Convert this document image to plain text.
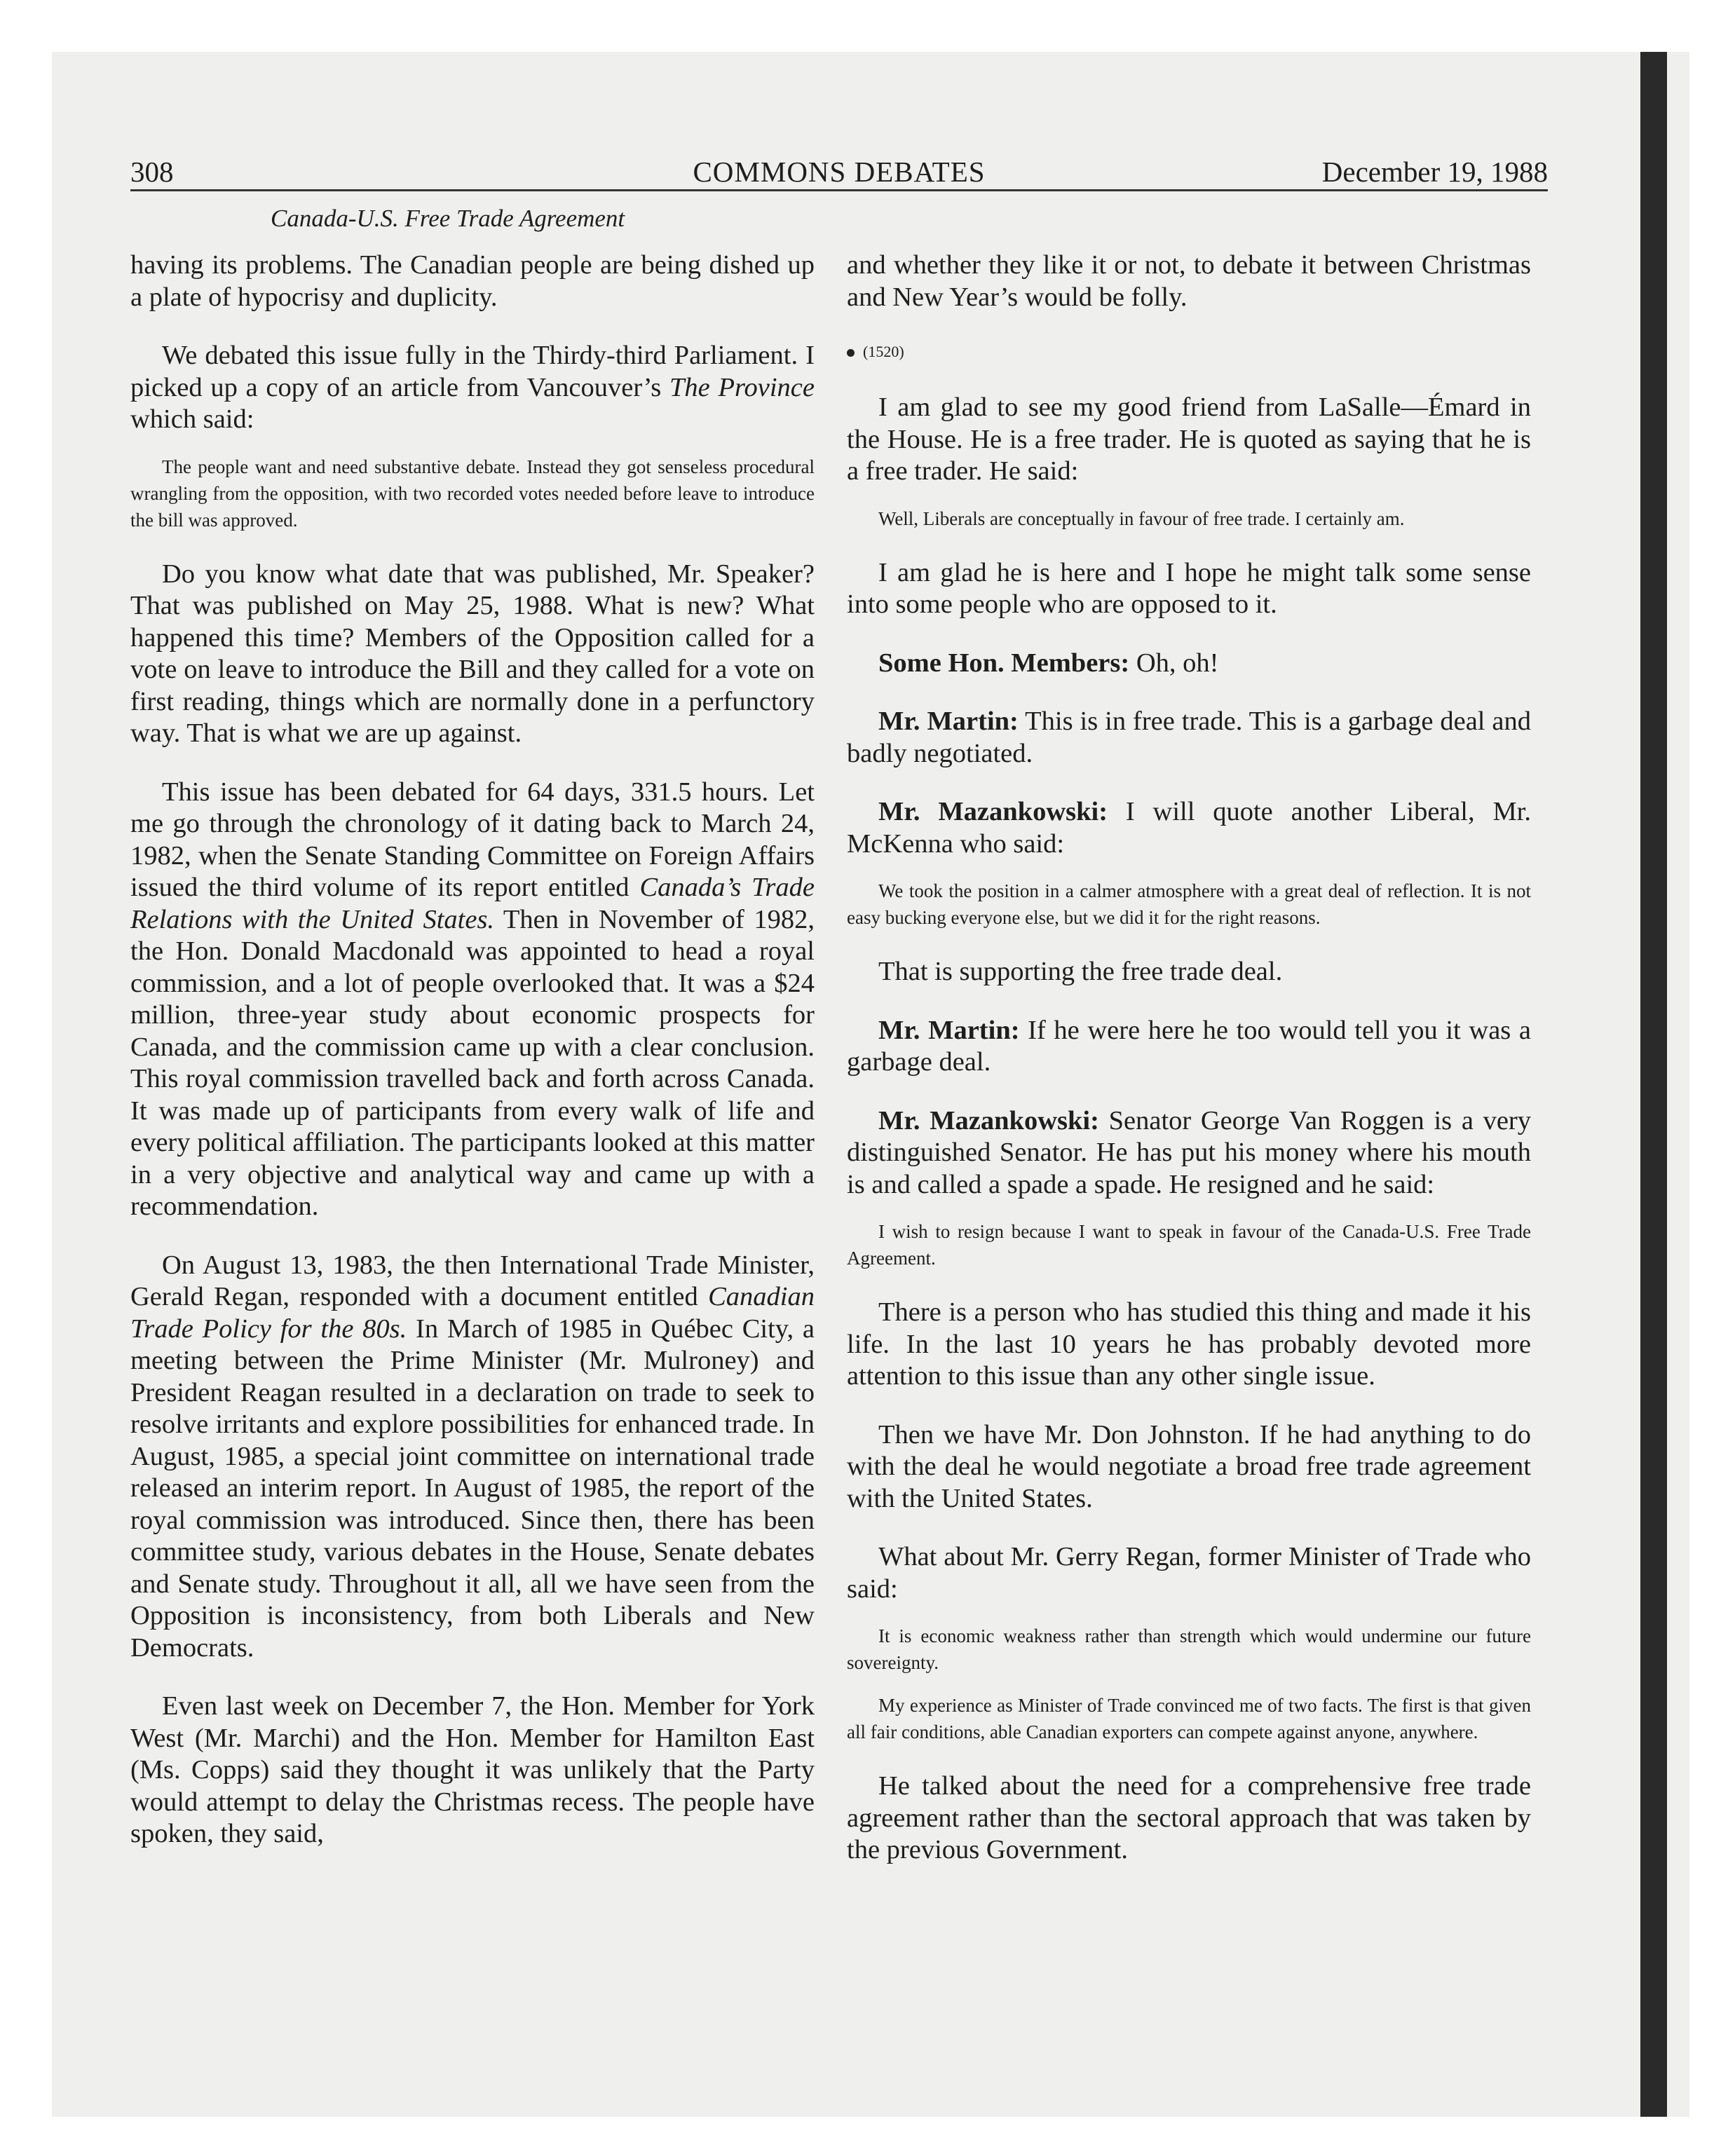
308	COMMONS DEBATES	December 19, 1988
Canada-U.S. Free Trade Agreement

having its problems. The Canadian people are being dished up a plate of hypocrisy and duplicity.

We debated this issue fully in the Thirdy-third Parliament. I picked up a copy of an article from Vancouver’s The Province which said:

The people want and need substantive debate. Instead they got senseless procedural wrangling from the opposition, with two recorded votes needed before leave to introduce the bill was approved.

Do you know what date that was published, Mr. Speaker? That was published on May 25, 1988. What is new? What happened this time? Members of the Opposition called for a vote on leave to introduce the Bill and they called for a vote on first reading, things which are normally done in a perfunctory way. That is what we are up against.

This issue has been debated for 64 days, 331.5 hours. Let me go through the chronology of it dating back to March 24, 1982, when the Senate Standing Committee on Foreign Affairs issued the third volume of its report entitled Canada’s Trade Relations with the United States. Then in November of 1982, the Hon. Donald Macdonald was appointed to head a royal commission, and a lot of people overlooked that. It was a $24 million, three-year study about economic prospects for Canada, and the commission came up with a clear conclusion. This royal commission travelled back and forth across Canada. It was made up of participants from every walk of life and every political affiliation. The participants looked at this matter in a very objective and analytical way and came up with a recommendation.

On August 13, 1983, the then International Trade Minister, Gerald Regan, responded with a document entitled Canadian Trade Policy for the 80s. In March of 1985 in Québec City, a meeting between the Prime Minister (Mr. Mulroney) and President Reagan resulted in a declaration on trade to seek to resolve irritants and explore possibilities for enhanced trade. In August, 1985, a special joint committee on international trade released an interim report. In August of 1985, the report of the royal commission was introduced. Since then, there has been committee study, various debates in the House, Senate debates and Senate study. Throughout it all, all we have seen from the Opposition is inconsistency, from both Liberals and New Democrats.

Even last week on December 7, the Hon. Member for York West (Mr. Marchi) and the Hon. Member for Hamilton East (Ms. Copps) said they thought it was unlikely that the Party would attempt to delay the Christmas recess. The people have spoken, they said,

and whether they like it or not, to debate it between Christmas and New Year’s would be folly.

(1520)

I am glad to see my good friend from LaSalle—Émard in the House. He is a free trader. He is quoted as saying that he is a free trader. He said:

Well, Liberals are conceptually in favour of free trade. I certainly am.

I am glad he is here and I hope he might talk some sense into some people who are opposed to it.

Some Hon. Members: Oh, oh!

Mr. Martin: This is in free trade. This is a garbage deal and badly negotiated.

Mr. Mazankowski: I will quote another Liberal, Mr. McKenna who said:

We took the position in a calmer atmosphere with a great deal of reflection. It is not easy bucking everyone else, but we did it for the right reasons.

That is supporting the free trade deal.

Mr. Martin: If he were here he too would tell you it was a garbage deal.

Mr. Mazankowski: Senator George Van Roggen is a very distinguished Senator. He has put his money where his mouth is and called a spade a spade. He resigned and he said:

I wish to resign because I want to speak in favour of the Canada-U.S. Free Trade Agreement.

There is a person who has studied this thing and made it his life. In the last 10 years he has probably devoted more attention to this issue than any other single issue.

Then we have Mr. Don Johnston. If he had anything to do with the deal he would negotiate a broad free trade agreement with the United States.

What about Mr. Gerry Regan, former Minister of Trade who said:

It is economic weakness rather than strength which would undermine our future sovereignty.

My experience as Minister of Trade convinced me of two facts. The first is that given all fair conditions, able Canadian exporters can compete against anyone, anywhere.

He talked about the need for a comprehensive free trade agreement rather than the sectoral approach that was taken by the previous Government.
